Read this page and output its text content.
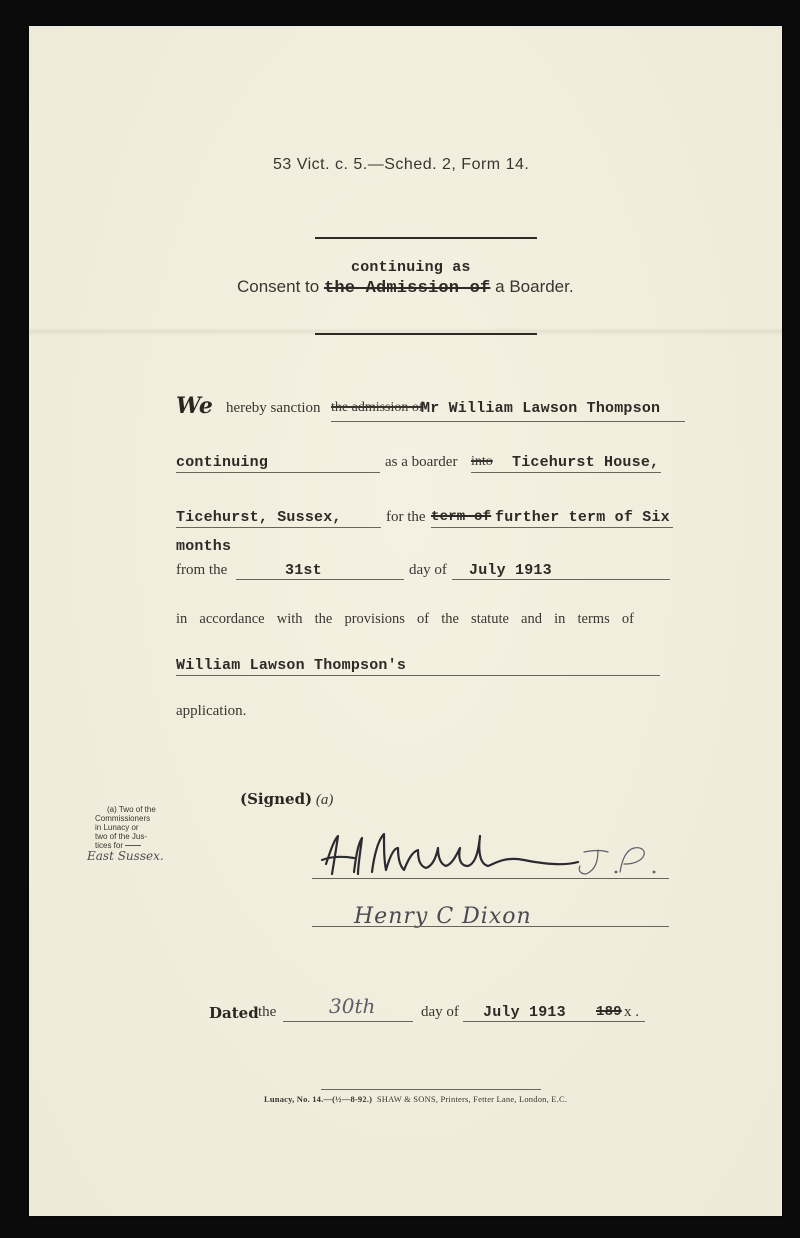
53 Vict. c. 5.—Sched. 2, Form 14.
continuing as
Consent to the Admission of a Boarder.
We hereby sanction the admission of
Mr William Lawson Thompson
continuing	as a boarder into Ticehurst House,
Ticehurst, Sussex,	for the term of further term of Six
months
from the	31st	day of July 1913
in accordance with the provisions of the statute and in terms of
William Lawson Thompson's
application.
(a) Two of the
Commissioners
in Lunacy or
two of the Jus-
tices for
East Sussex.
(Signed) (a)
Henry C Dixon
Dated the	30th	day of July 1913 189 x .
Lunacy, No. 14.—(½—8-92.) SHAW & SONS, Printers, Fetter Lane, London, E.C.
